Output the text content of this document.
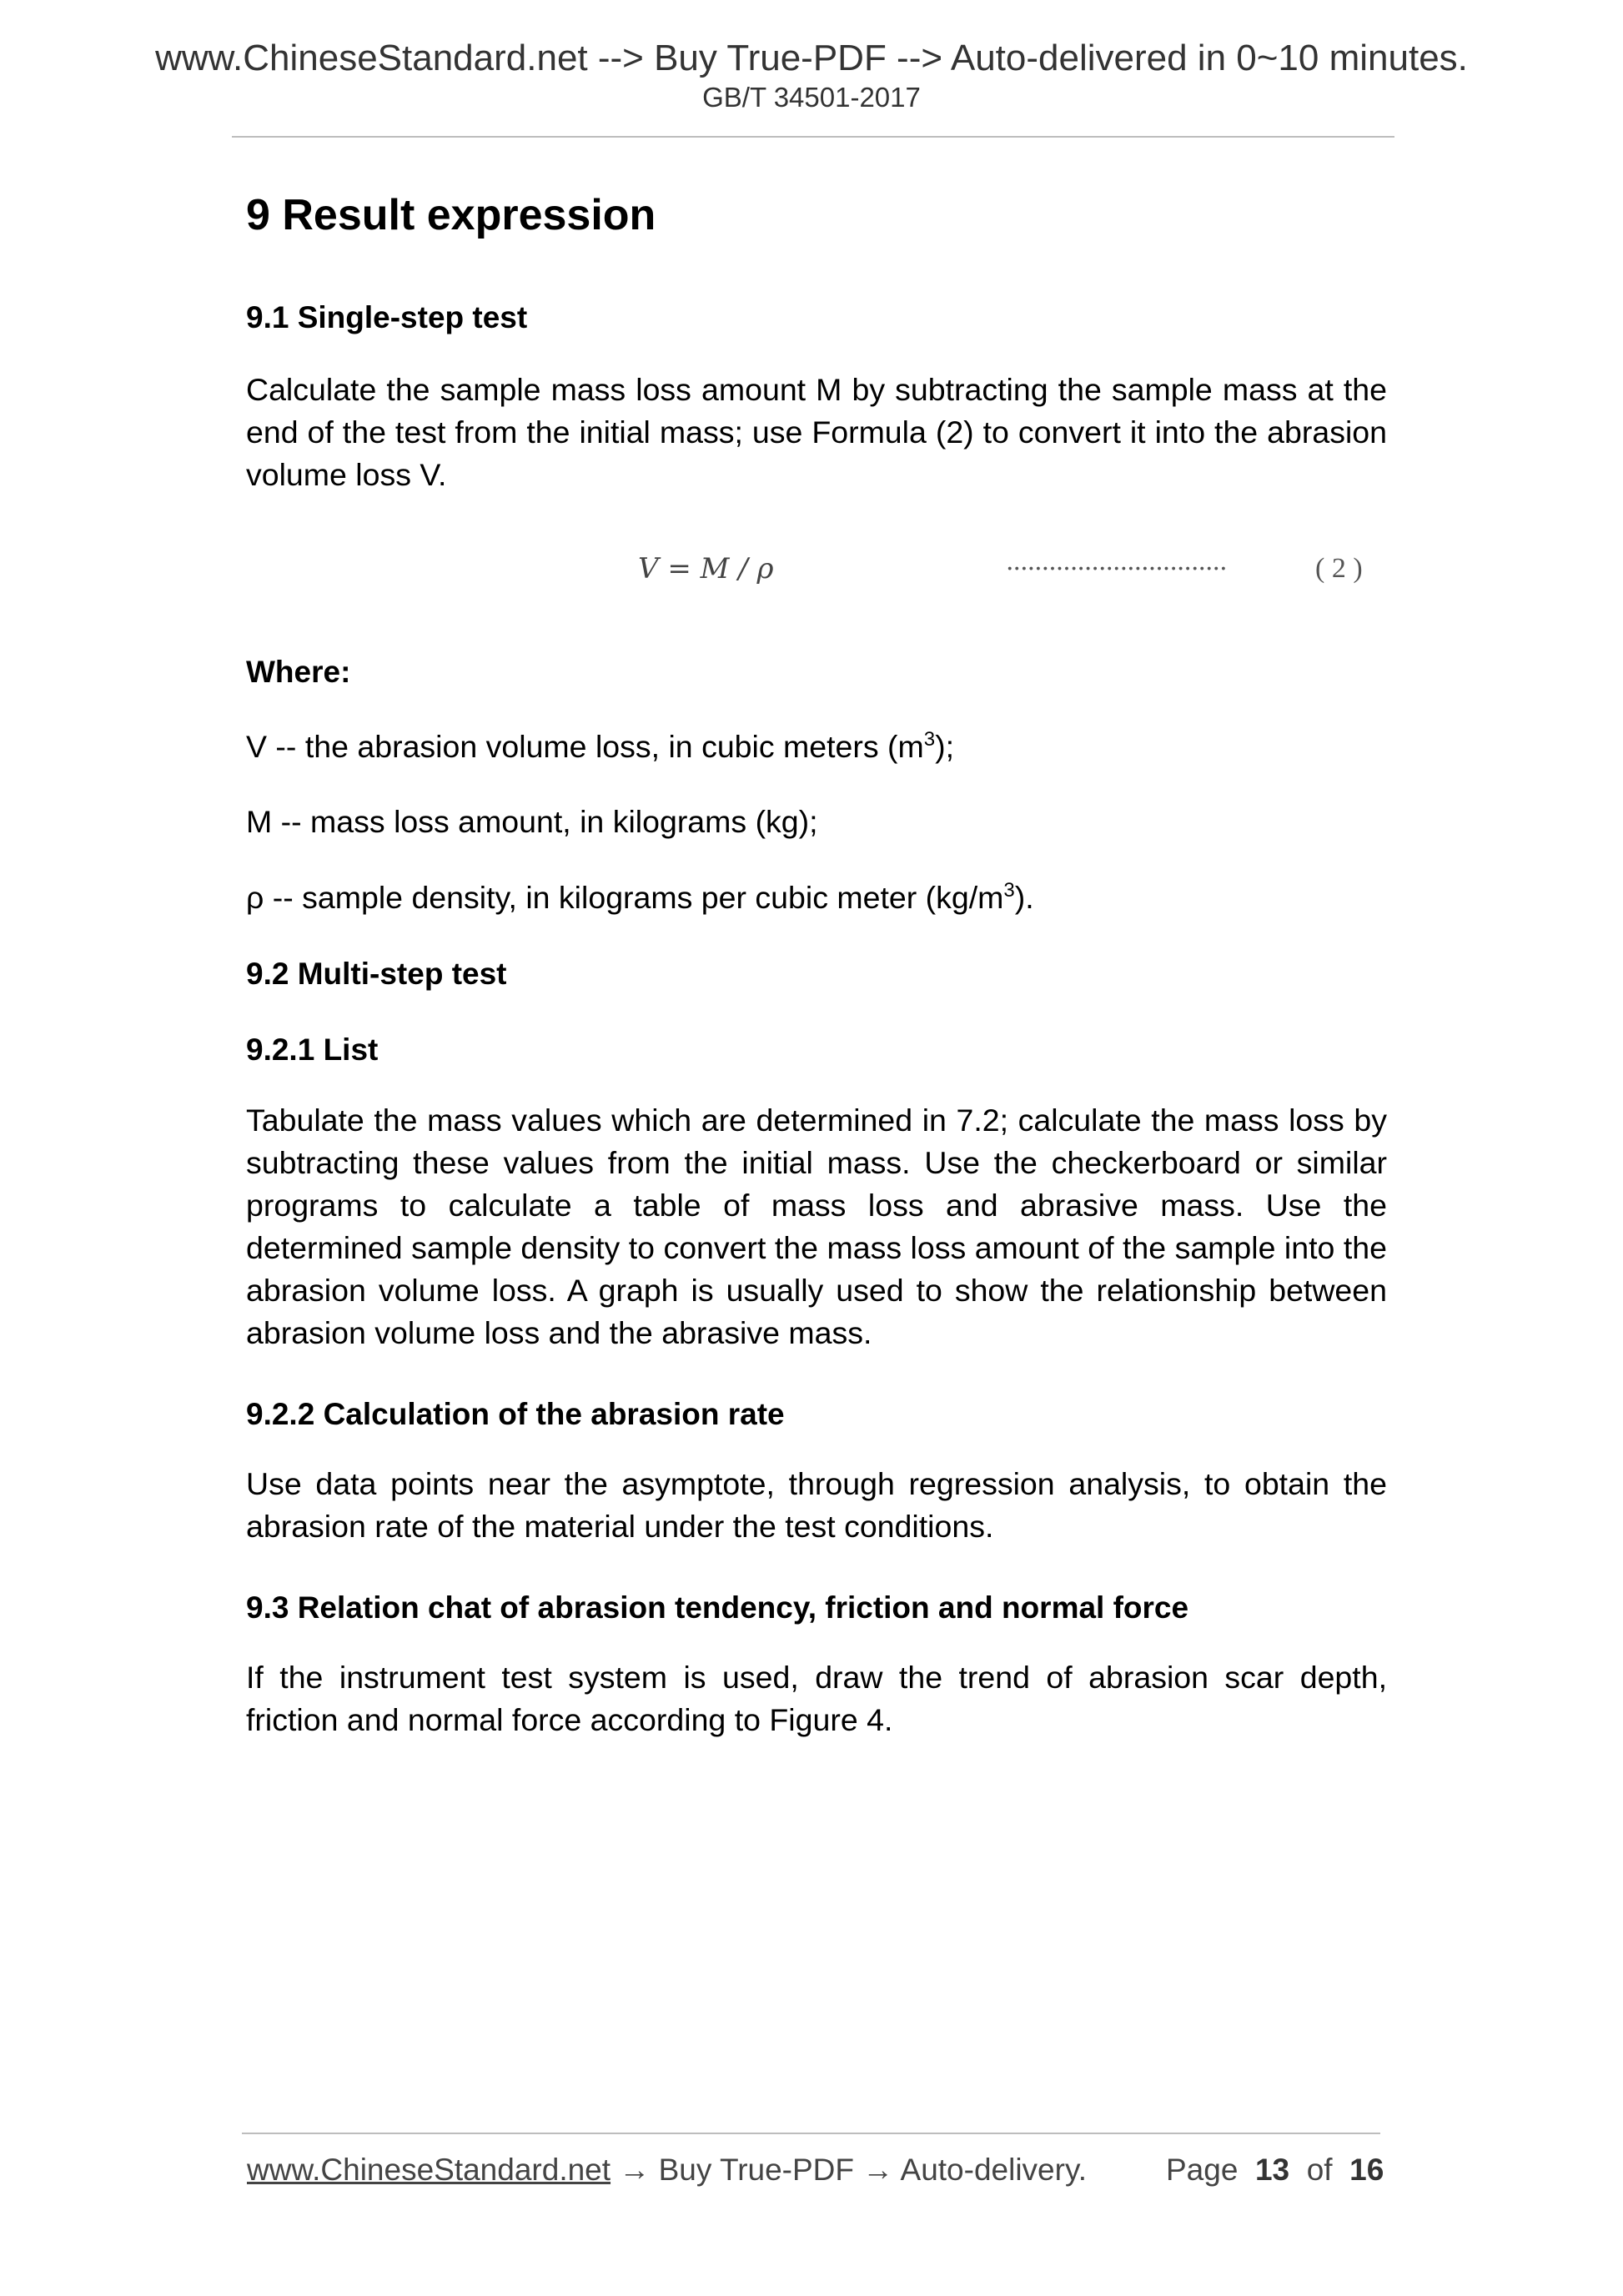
www.ChineseStandard.net --> Buy True-PDF --> Auto-delivered in 0~10 minutes.
GB/T 34501-2017
9 Result expression
9.1 Single-step test

Calculate the sample mass loss amount M by subtracting the sample mass at the end of the test from the initial mass; use Formula (2) to convert it into the abrasion volume loss V.

Where:
V -- the abrasion volume loss, in cubic meters $(m^3)$;
M -- mass loss amount, in kilograms (kg);
ρ -- sample density, in kilograms per cubic meter $(kg/m^3)$.
9.2 Multi-step test
9.2.1 List

Tabulate the mass values which are determined in 7.2; calculate the mass loss by subtracting these values from the initial mass. Use the checkerboard or similar programs to calculate a table of mass loss and abrasive mass. Use the determined sample density to convert the mass loss amount of the sample into the abrasion volume loss. A graph is usually used to show the relationship between abrasion volume loss and the abrasive mass.

9.2.2 Calculation of the abrasion rate

Use data points near the asymptote, through regression analysis, to obtain the abrasion rate of the material under the test conditions.

9.3 Relation chat of abrasion tendency, friction and normal force

If the instrument test system is used, draw the trend of abrasion scar depth, friction and normal force according to Figure 4.

V = M / ρ	·······························	( 2 )
www.ChineseStandard.net → Buy True-PDF → Auto-delivery.	Page 13 of 16
